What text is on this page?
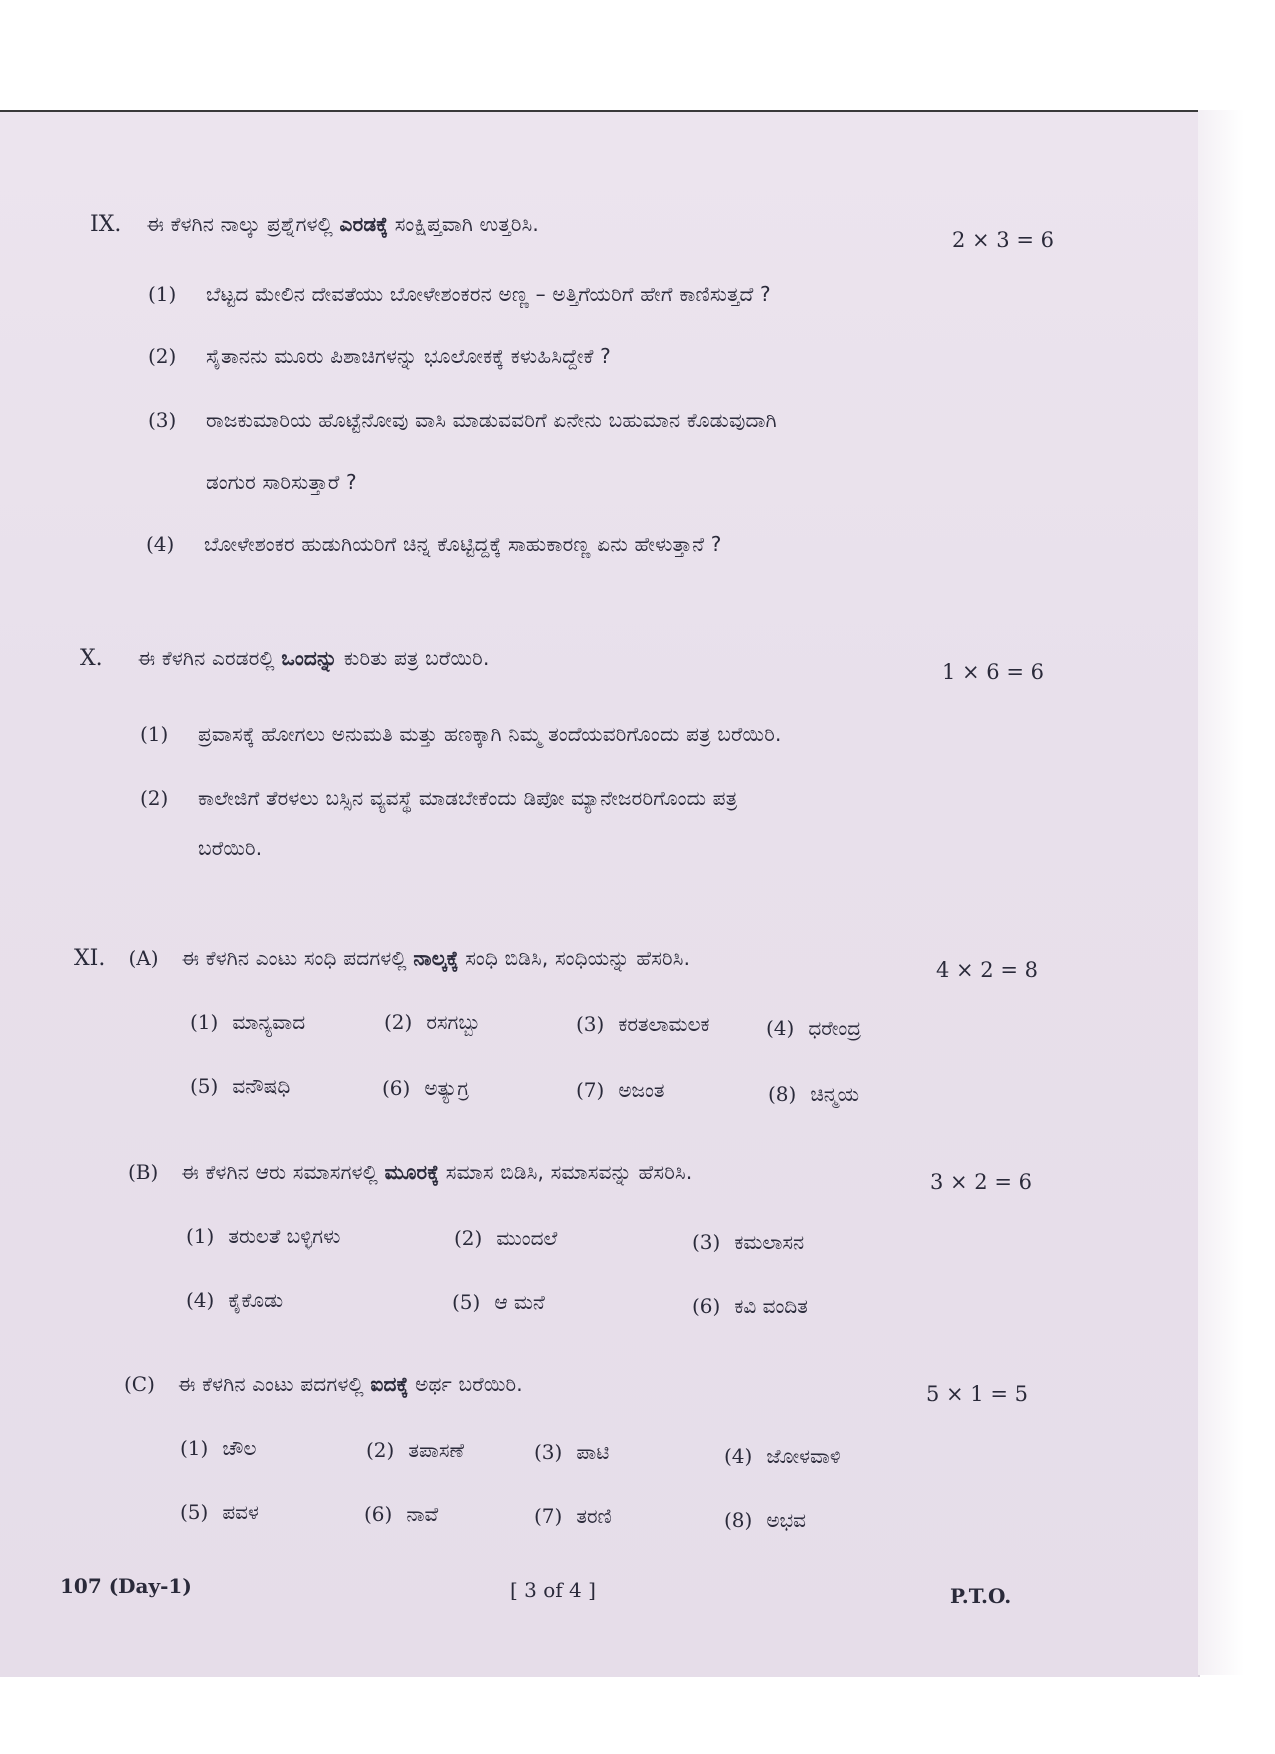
IX. ಈ ಕೆಳಗಿನ ನಾಲ್ಕು ಪ್ರಶ್ನೆಗಳಲ್ಲಿ ಎರಡಕ್ಕೆ ಸಂಕ್ಷಿಪ್ತವಾಗಿ ಉತ್ತರಿಸಿ.
2 × 3 = 6
(1) ಬೆಟ್ಟದ ಮೇಲಿನ ದೇವತೆಯು ಬೋಳೇಶಂಕರನ ಅಣ್ಣ – ಅತ್ತಿಗೆಯರಿಗೆ ಹೇಗೆ ಕಾಣಿಸುತ್ತದೆ ?
(2) ಸೈತಾನನು ಮೂರು ಪಿಶಾಚಿಗಳನ್ನು ಭೂಲೋಕಕ್ಕೆ ಕಳುಹಿಸಿದ್ದೇಕೆ ?
(3) ರಾಜಕುಮಾರಿಯ ಹೊಟ್ಟೆನೋವು ವಾಸಿ ಮಾಡುವವರಿಗೆ ಏನೇನು ಬಹುಮಾನ ಕೊಡುವುದಾಗಿ
ಡಂಗುರ ಸಾರಿಸುತ್ತಾರೆ ?
(4) ಬೋಳೇಶಂಕರ ಹುಡುಗಿಯರಿಗೆ ಚಿನ್ನ ಕೊಟ್ಟಿದ್ದಕ್ಕೆ ಸಾಹುಕಾರಣ್ಣ ಏನು ಹೇಳುತ್ತಾನೆ ?
X. ಈ ಕೆಳಗಿನ ಎರಡರಲ್ಲಿ ಒಂದನ್ನು ಕುರಿತು ಪತ್ರ ಬರೆಯಿರಿ.
1 × 6 = 6
(1) ಪ್ರವಾಸಕ್ಕೆ ಹೋಗಲು ಅನುಮತಿ ಮತ್ತು ಹಣಕ್ಕಾಗಿ ನಿಮ್ಮ ತಂದೆಯವರಿಗೊಂದು ಪತ್ರ ಬರೆಯಿರಿ.
(2) ಕಾಲೇಜಿಗೆ ತೆರಳಲು ಬಸ್ಸಿನ ವ್ಯವಸ್ಥೆ ಮಾಡಬೇಕೆಂದು ಡಿಪೋ ಮ್ಯಾನೇಜರರಿಗೊಂದು ಪತ್ರ
ಬರೆಯಿರಿ.
XI. (A) ಈ ಕೆಳಗಿನ ಎಂಟು ಸಂಧಿ ಪದಗಳಲ್ಲಿ ನಾಲ್ಕಕ್ಕೆ ಸಂಧಿ ಬಿಡಿಸಿ, ಸಂಧಿಯನ್ನು ಹೆಸರಿಸಿ.	4 × 2 = 8
(1) ಮಾನ್ಯವಾದ	(2) ರಸಗಬ್ಬು	(3) ಕರತಲಾಮಲಕ	(4) ಧರೇಂದ್ರ
(5) ವನೌಷಧಿ	(6) ಅತ್ಯುಗ್ರ	(7) ಅಜಂತ	(8) ಚಿನ್ಮಯ
(B) ಈ ಕೆಳಗಿನ ಆರು ಸಮಾಸಗಳಲ್ಲಿ ಮೂರಕ್ಕೆ ಸಮಾಸ ಬಿಡಿಸಿ, ಸಮಾಸವನ್ನು ಹೆಸರಿಸಿ.	3 × 2 = 6
(1) ತರುಲತೆ ಬಳ್ಳಿಗಳು	(2) ಮುಂದಲೆ	(3) ಕಮಲಾಸನ
(4) ಕೈಕೊಡು	(5) ಆ ಮನೆ	(6) ಕವಿ ವಂದಿತ
(C) ಈ ಕೆಳಗಿನ ಎಂಟು ಪದಗಳಲ್ಲಿ ಐದಕ್ಕೆ ಅರ್ಥ ಬರೆಯಿರಿ.	5 × 1 = 5
(1) ಚೌಲ	(2) ತಪಾಸಣೆ	(3) ಪಾಟಿ	(4) ಜೋಳವಾಳಿ
(5) ಪವಳ	(6) ನಾವೆ	(7) ತರಣಿ	(8) ಅಭವ
107 (Day-1)	[ 3 of 4 ]	P.T.O.
